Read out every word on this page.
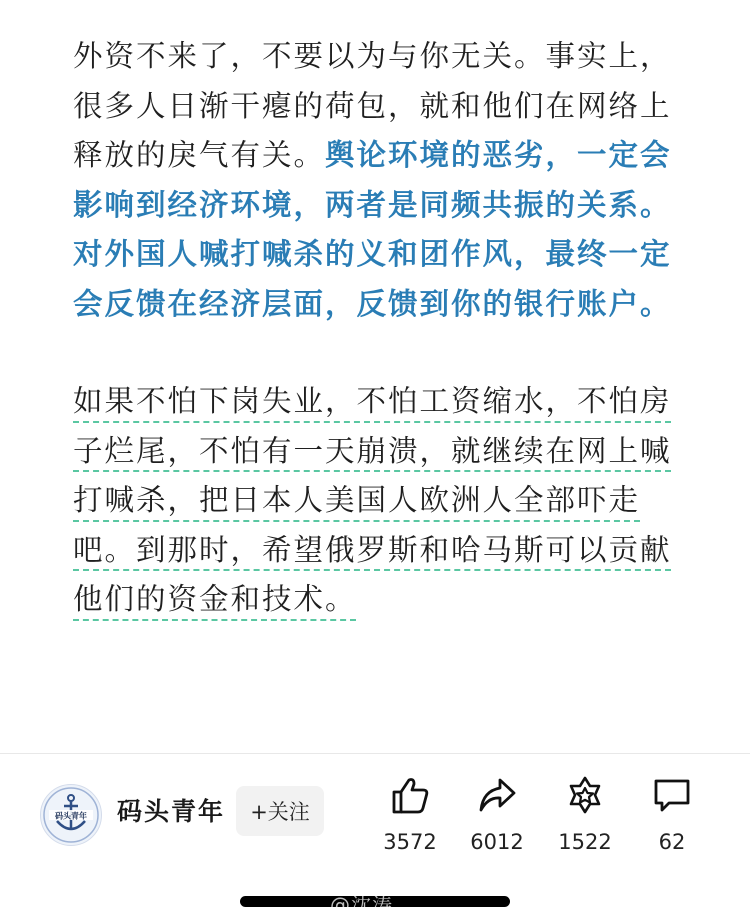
外资不来了，不要以为与你无关。事实上，很多人日渐干瘪的荷包，就和他们在网络上释放的戾气有关。舆论环境的恶劣，一定会影响到经济环境，两者是同频共振的关系。对外国人喊打喊杀的义和团作风，最终一定会反馈在经济层面，反馈到你的银行账户。

如果不怕下岗失业，不怕工资缩水，不怕房子烂尾，不怕有一天崩溃，就继续在网上喊打喊杀，把日本人美国人欧洲人全部吓走吧。到那时，希望俄罗斯和哈马斯可以贡献他们的资金和技术。

码头青年 码头青年	+关注
3572	6012	1522	62
@沈涛
